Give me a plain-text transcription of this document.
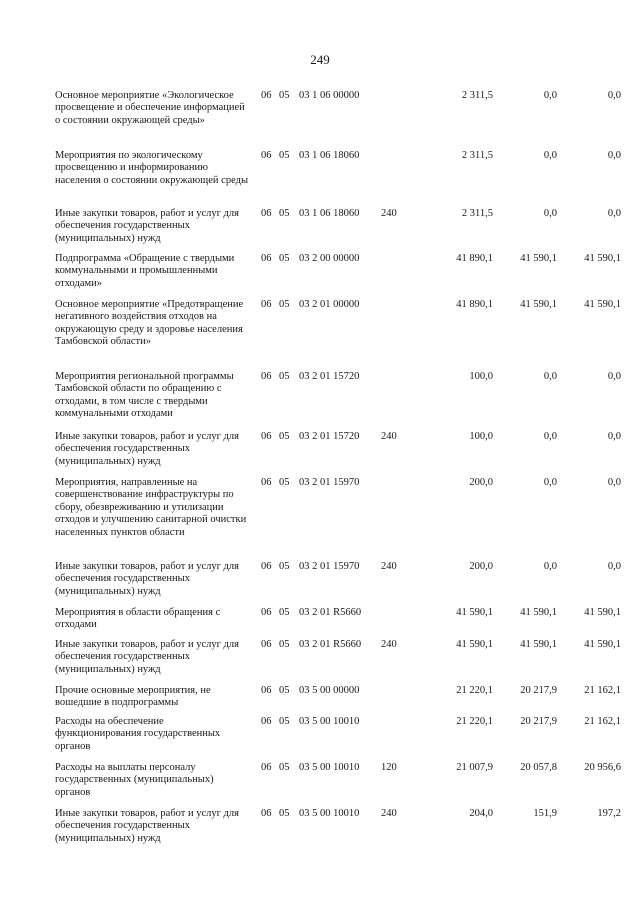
249
Основное мероприятие «Экологическое просвещение и обеспечение информацией о состоянии окружающей среды»
06 05 03 1 06 00000	2 311,5	0,0	0,0
Мероприятия по экологическому просвещению и информированию населения о состоянии окружающей среды
06 05 03 1 06 18060	2 311,5	0,0	0,0
Иные закупки товаров, работ и услуг для обеспечения государственных (муниципальных) нужд
06 05 03 1 06 18060 240	2 311,5	0,0	0,0
Подпрограмма «Обращение с твердыми коммунальными и промышленными отходами»
06 05 03 2 00 00000	41 890,1	41 590,1	41 590,1
Основное мероприятие «Предотвращение негативного воздействия отходов на окружающую среду и здоровье населения Тамбовской области»
06 05 03 2 01 00000	41 890,1	41 590,1	41 590,1
Мероприятия региональной программы Тамбовской области по обращению с отходами, в том числе с твердыми коммунальными отходами
06 05 03 2 01 15720	100,0	0,0	0,0
Иные закупки товаров, работ и услуг для обеспечения государственных (муниципальных) нужд
06 05 03 2 01 15720 240	100,0	0,0	0,0
Мероприятия, направленные на совершенствование инфраструктуры по сбору, обезвреживанию и утилизации отходов и улучшению санитарной очистки населенных пунктов области
06 05 03 2 01 15970	200,0	0,0	0,0
Иные закупки товаров, работ и услуг для обеспечения государственных (муниципальных) нужд
06 05 03 2 01 15970 240	200,0	0,0	0,0
Мероприятия в области обращения с отходами
06 05 03 2 01 R5660	41 590,1	41 590,1	41 590,1
Иные закупки товаров, работ и услуг для обеспечения государственных (муниципальных) нужд
06 05 03 2 01 R5660 240	41 590,1	41 590,1	41 590,1
Прочие основные мероприятия, не вошедшие в подпрограммы
06 05 03 5 00 00000	21 220,1	20 217,9	21 162,1
Расходы на обеспечение функционирования государственных органов
06 05 03 5 00 10010	21 220,1	20 217,9	21 162,1
Расходы на выплаты персоналу государственных (муниципальных) органов
06 05 03 5 00 10010 120	21 007,9	20 057,8	20 956,6
Иные закупки товаров, работ и услуг для обеспечения государственных (муниципальных) нужд
06 05 03 5 00 10010 240	204,0	151,9	197,2
